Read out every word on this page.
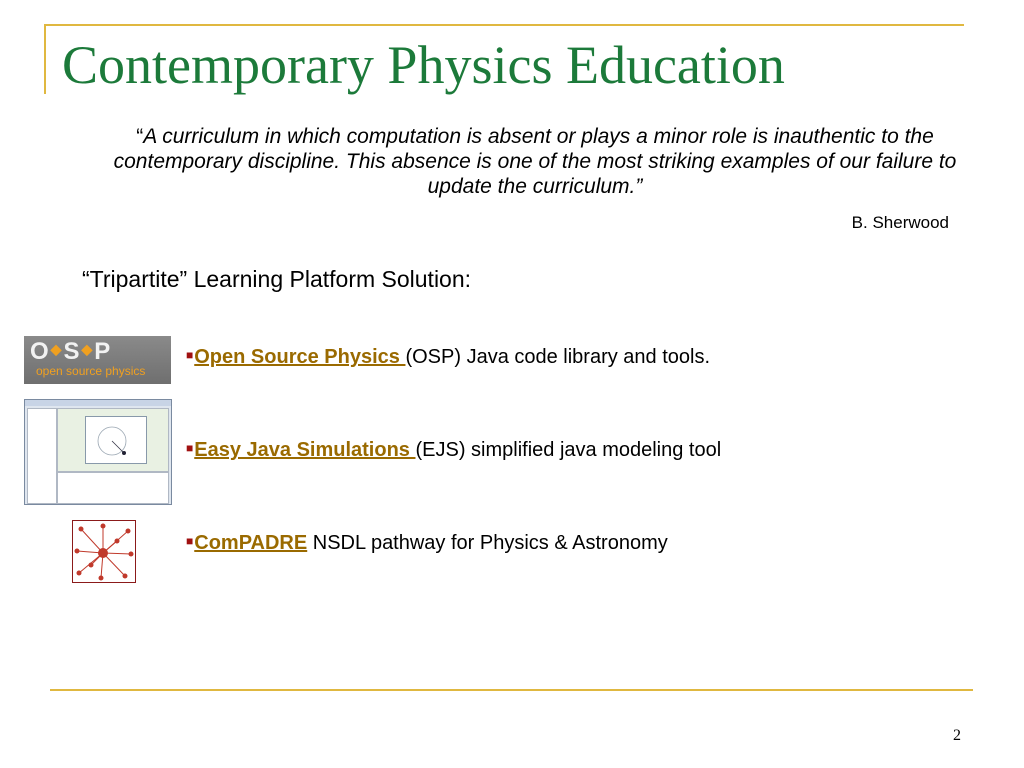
Contemporary Physics Education
“A curriculum in which computation is absent or plays a minor role is inauthentic to the contemporary discipline. This absence is one of the most striking examples of our failure to update the curriculum.”
B. Sherwood
“Tripartite” Learning Platform Solution:
O◆S◆P
open source physics
■Open Source Physics (OSP) Java code library and tools.
■Easy Java Simulations (EJS) simplified java modeling tool
■ComPADRE NSDL pathway for Physics & Astronomy
2
